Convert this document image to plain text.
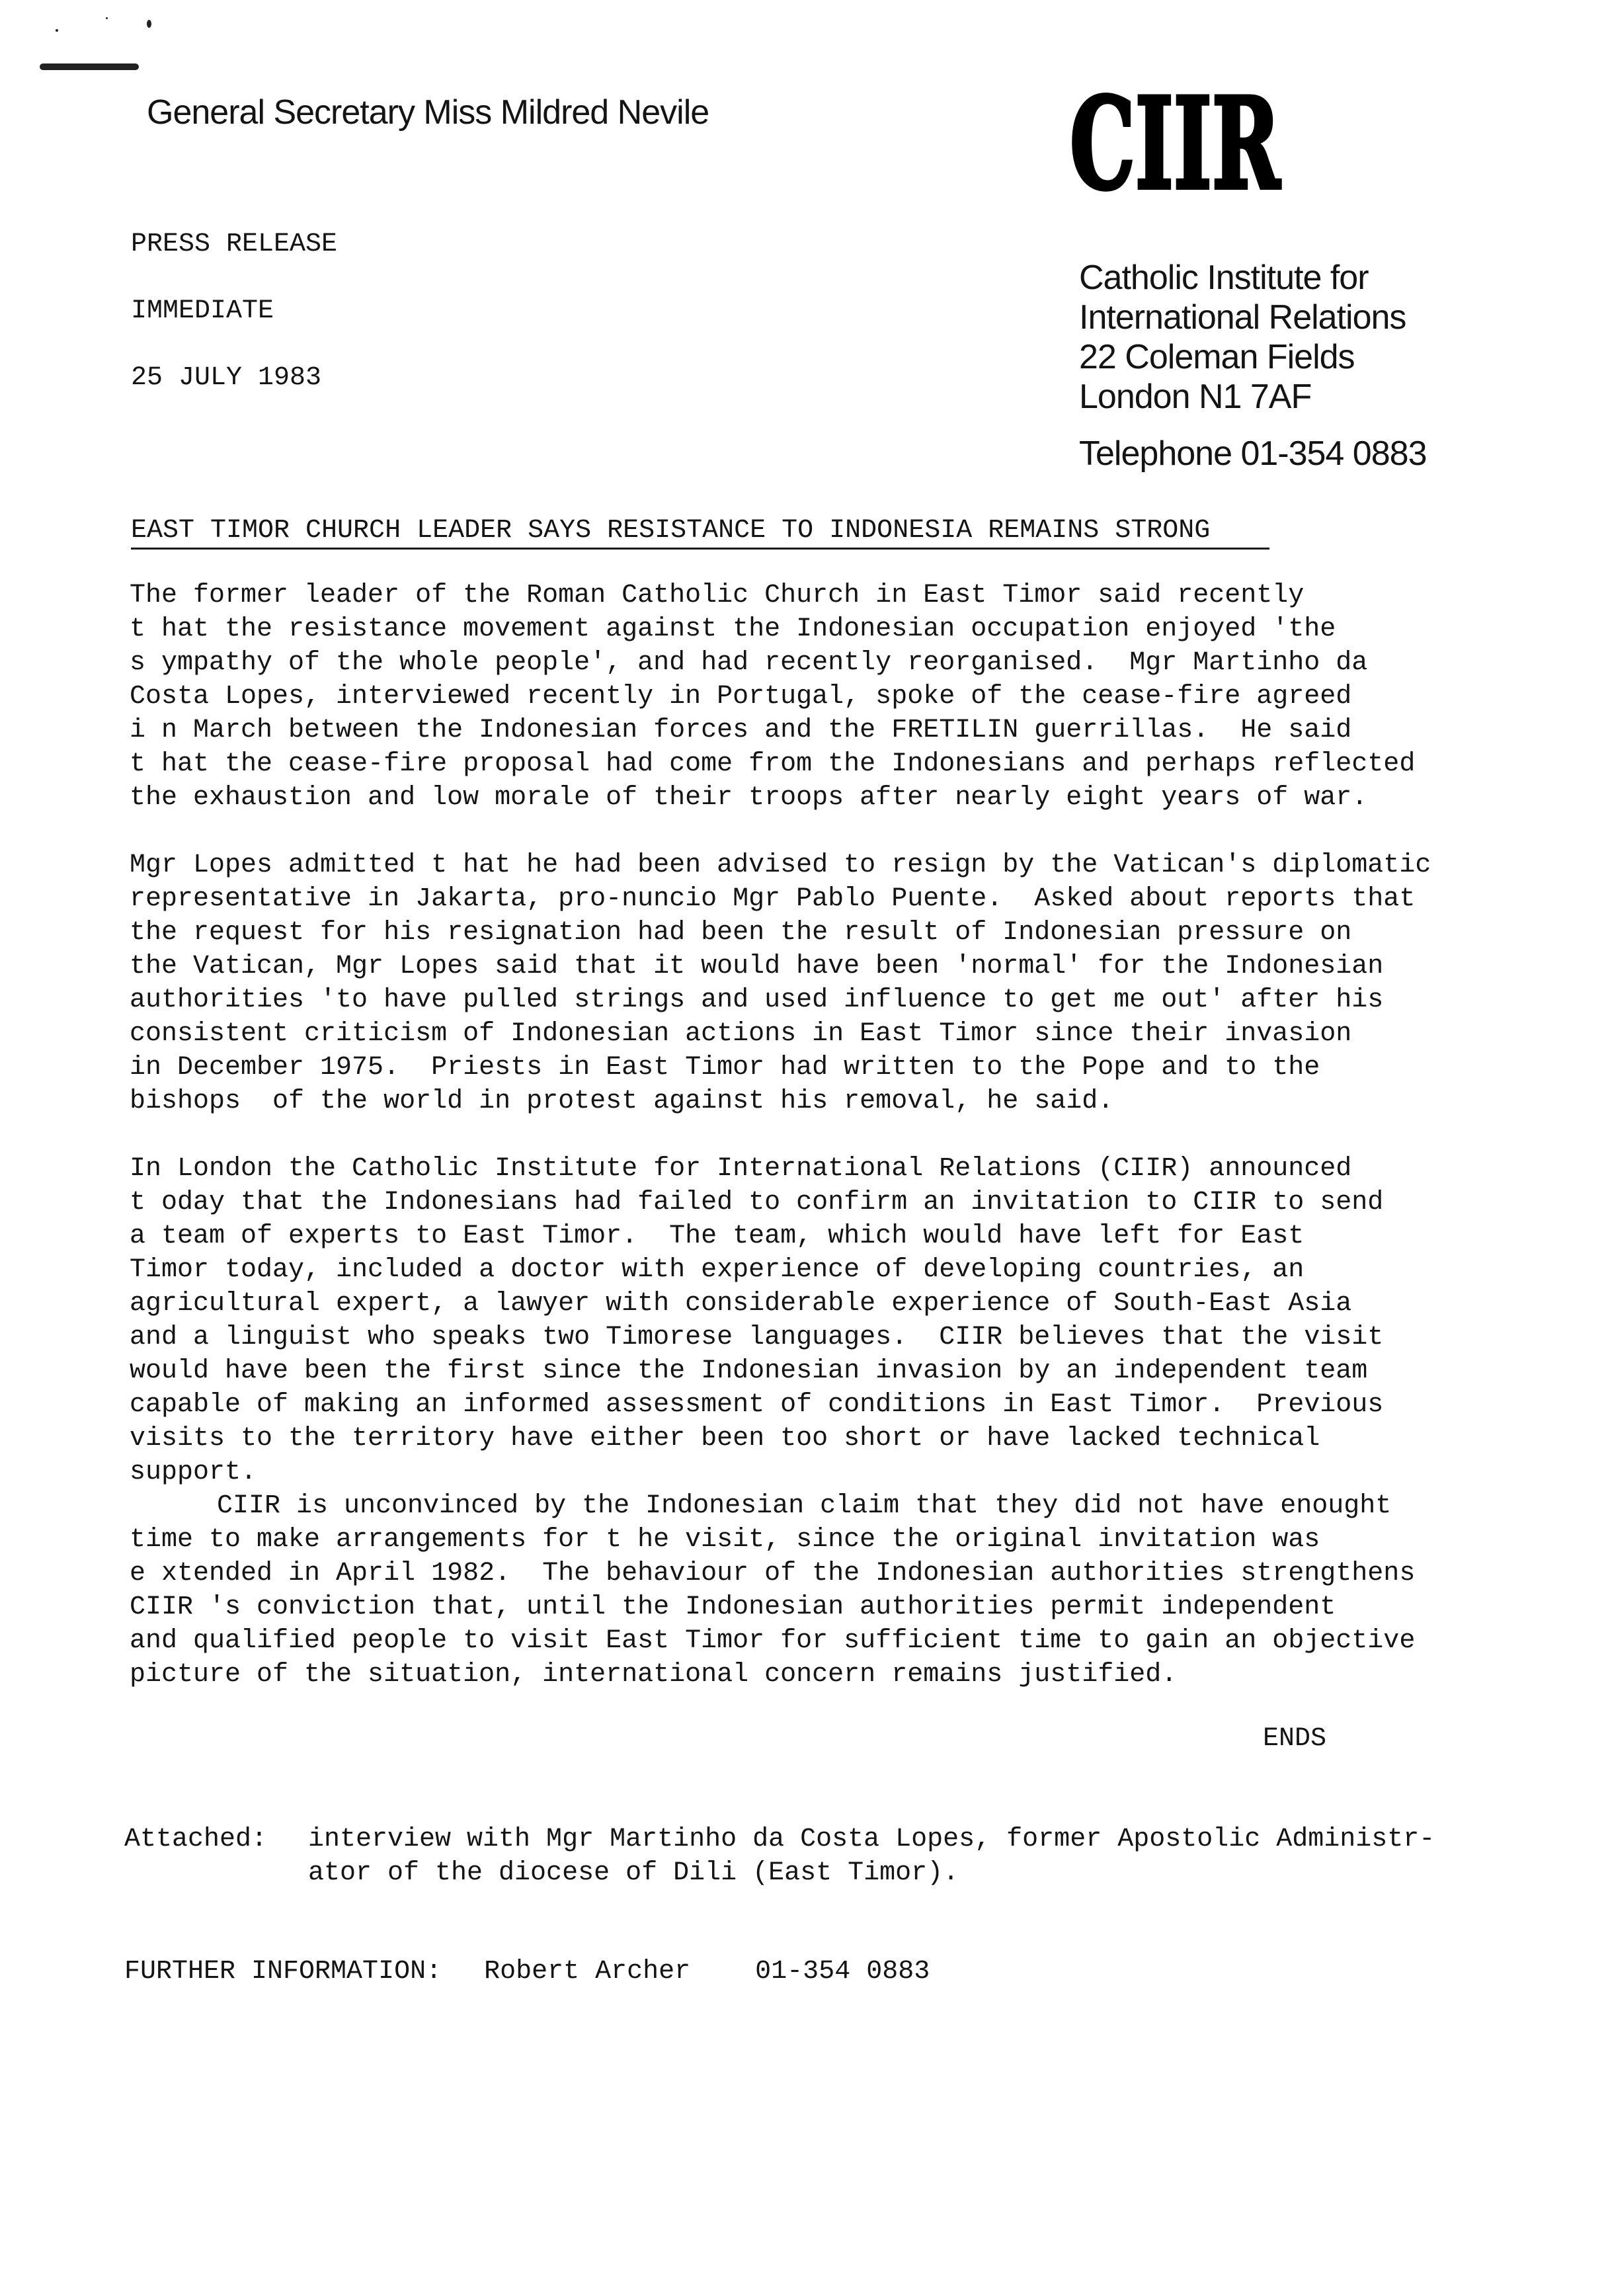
General Secretary Miss Mildred Nevile	CIIR
Catholic Institute for
International Relations
22 Coleman Fields
London N1 7AF
Telephone 01-354 0883
PRESS RELEASE
IMMEDIATE
25 JULY 1983
EAST TIMOR CHURCH LEADER SAYS RESISTANCE TO INDONESIA REMAINS STRONG

The former leader of the Roman Catholic Church in East Timor said recently
t hat the resistance movement against the Indonesian occupation enjoyed 'the
s ympathy of the whole people', and had recently reorganised.  Mgr Martinho da
Costa Lopes, interviewed recently in Portugal, spoke of the cease-fire agreed
i n March between the Indonesian forces and the FRETILIN guerrillas.  He said
t hat the cease-fire proposal had come from the Indonesians and perhaps reflected
the exhaustion and low morale of their troops after nearly eight years of war.

Mgr Lopes admitted t hat he had been advised to resign by the Vatican's diplomatic
representative in Jakarta, pro-nuncio Mgr Pablo Puente.  Asked about reports that
the request for his resignation had been the result of Indonesian pressure on
the Vatican, Mgr Lopes said that it would have been 'normal' for the Indonesian
authorities 'to have pulled strings and used influence to get me out' after his
consistent criticism of Indonesian actions in East Timor since their invasion
in December 1975.  Priests in East Timor had written to the Pope and to the
bishops  of the world in protest against his removal, he said.

In London the Catholic Institute for International Relations (CIIR) announced
t oday that the Indonesians had failed to confirm an invitation to CIIR to send
a team of experts to East Timor.  The team, which would have left for East
Timor today, included a doctor with experience of developing countries, an
agricultural expert, a lawyer with considerable experience of South-East Asia
and a linguist who speaks two Timorese languages.  CIIR believes that the visit
would have been the first since the Indonesian invasion by an independent team
capable of making an informed assessment of conditions in East Timor.  Previous
visits to the territory have either been too short or have lacked technical
support.

CIIR is unconvinced by the Indonesian claim that they did not have enought
time to make arrangements for t he visit, since the original invitation was
e xtended in April 1982.  The behaviour of the Indonesian authorities strengthens
CIIR 's conviction that, until the Indonesian authorities permit independent
and qualified people to visit East Timor for sufficient time to gain an objective
picture of the situation, international concern remains justified.

ENDS
Attached: interview with Mgr Martinho da Costa Lopes, former Apostolic Administr-
ator of the diocese of Dili (East Timor).
FURTHER INFORMATION: Robert Archer 01-354 0883
